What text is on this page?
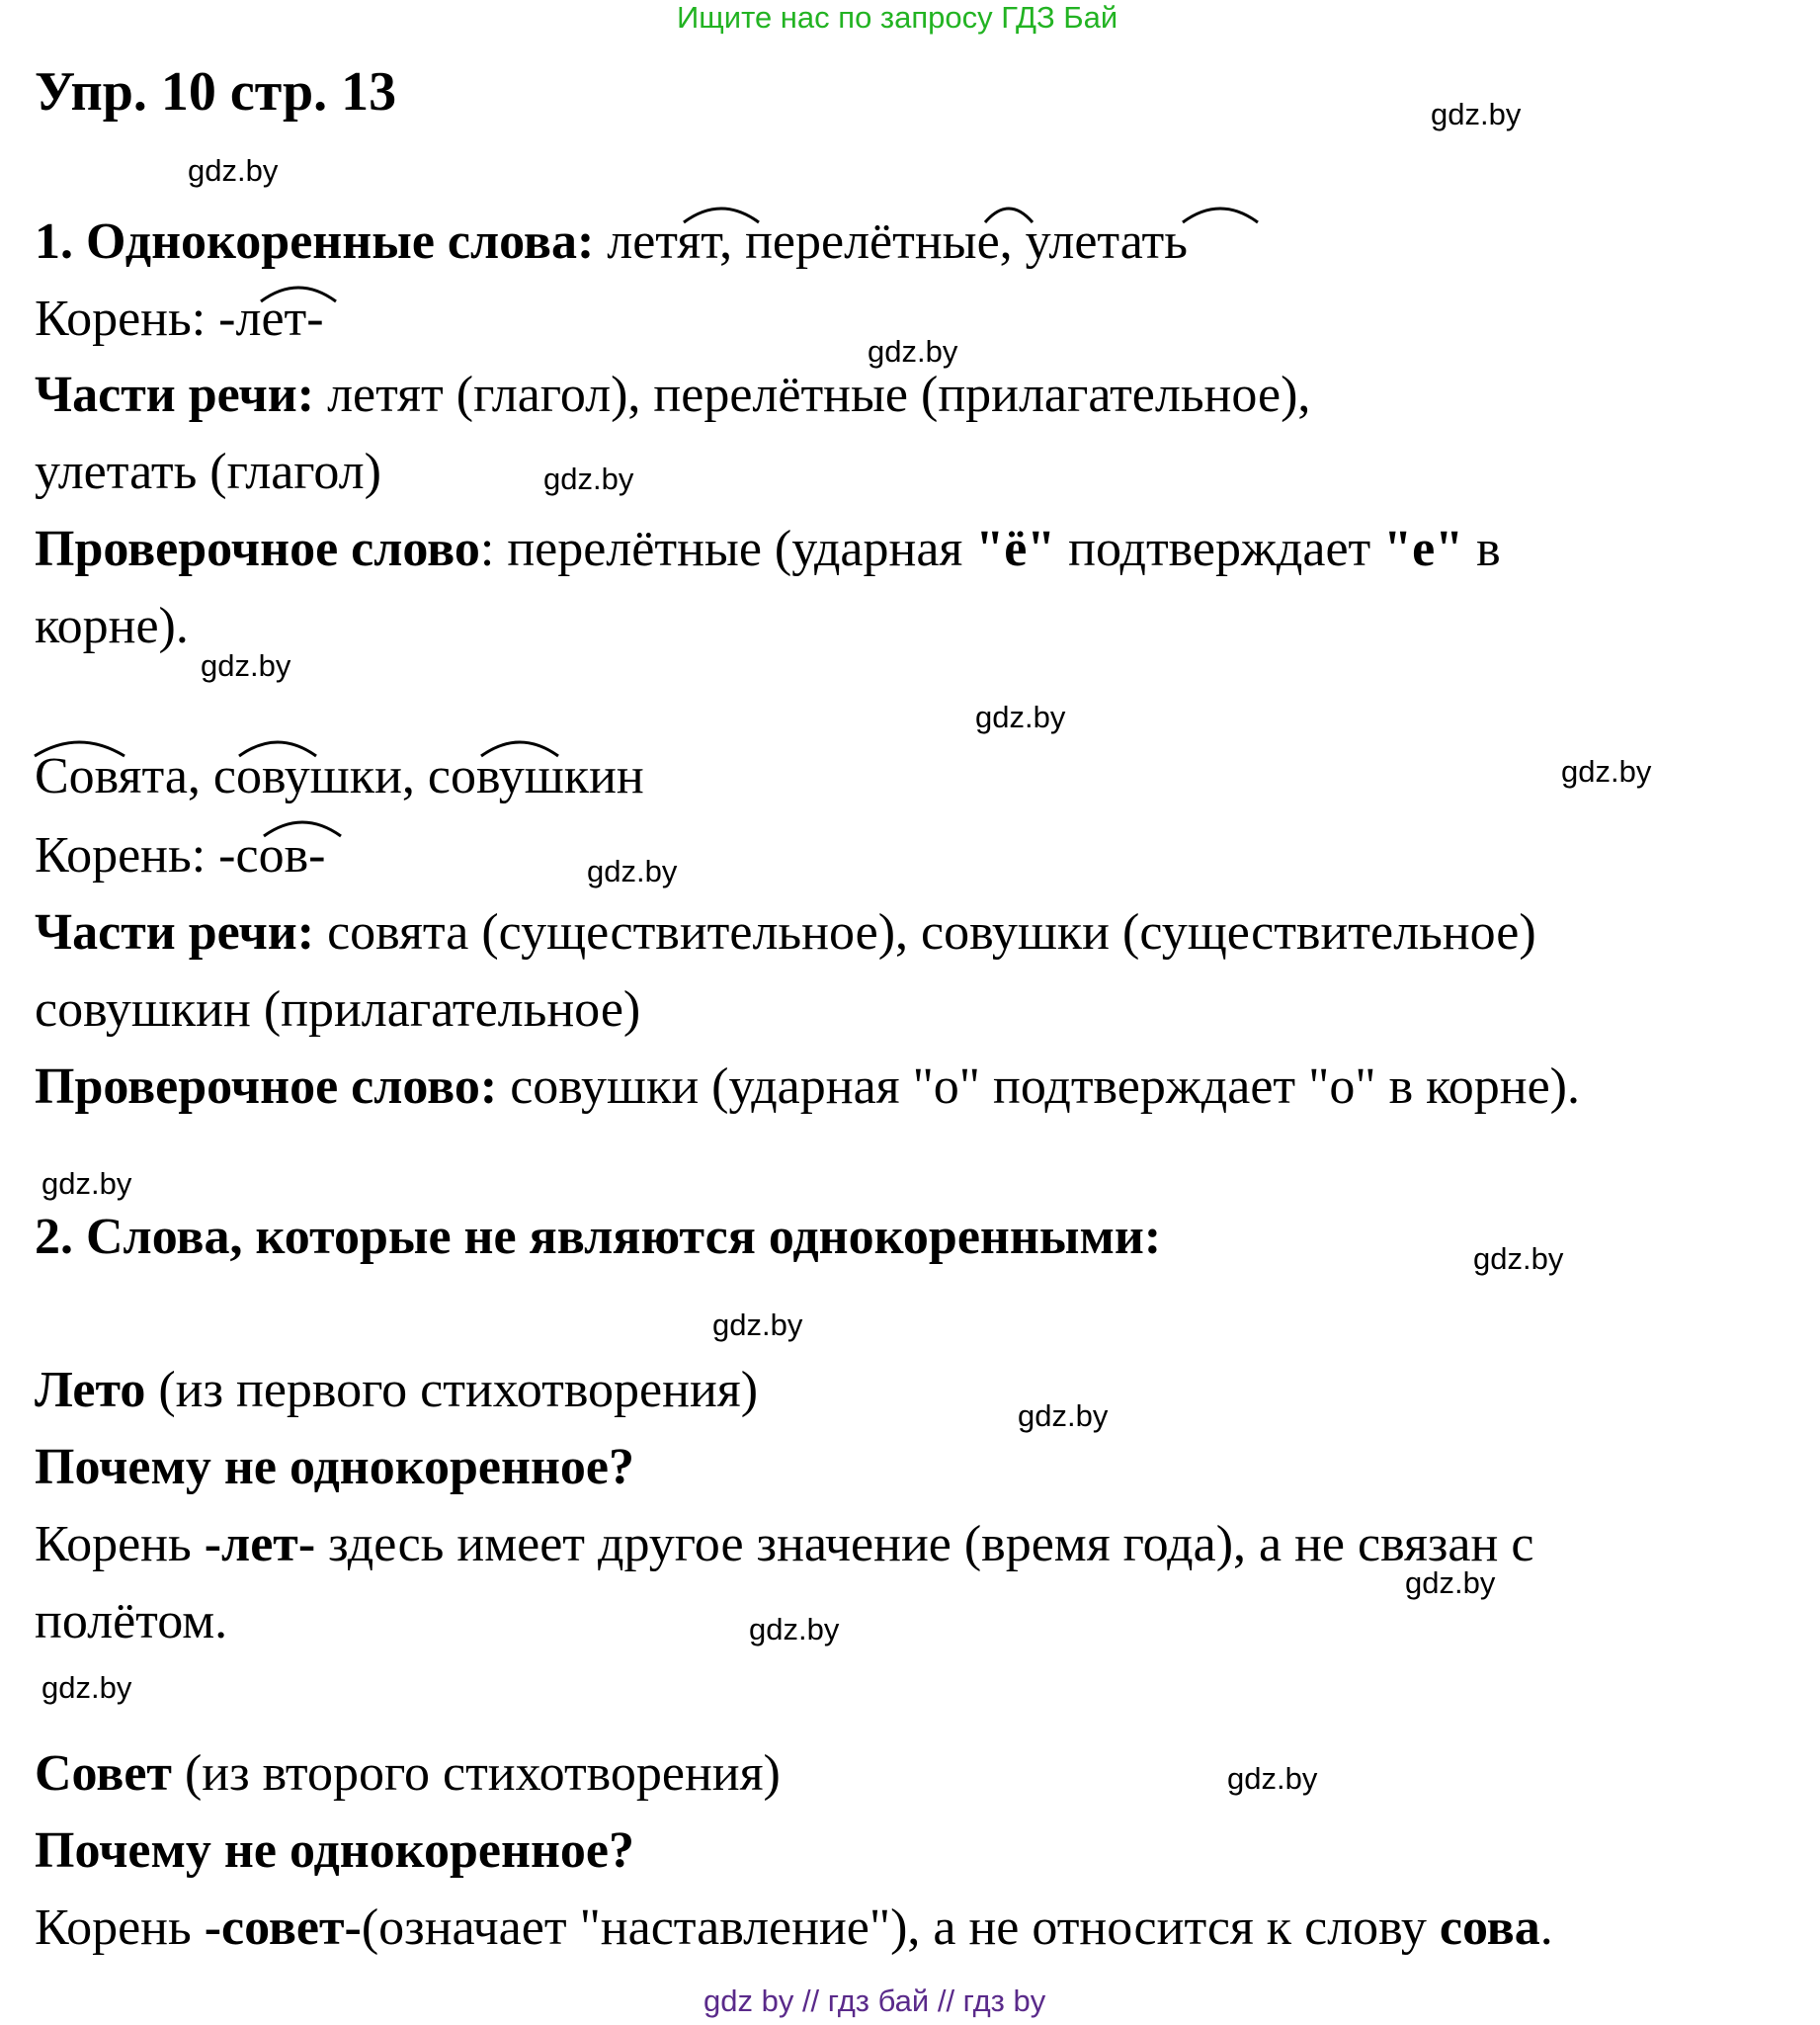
Ищите нас по запросу ГДЗ Бай
Упр. 10 стр. 13	gdz.by
gdz.by
gdz.by
gdz.by
gdz.by
gdz.by
gdz.by
gdz.by
gdz.by
gdz.by
gdz.by
gdz.by
gdz.by
gdz.by
gdz.by
gdz.by
1. Однокоренные слова: летят, перелётные, улетать
Корень: -лет-
Части речи: летят (глагол), перелётные (прилагательное),
улетать (глагол)
Проверочное слово: перелётные (ударная "ё" подтверждает "е" в
корне).
Совята, совушки, совушкин
Корень: -сов-
Части речи: совята (существительное), совушки (существительное)
совушкин (прилагательное)
Проверочное слово: совушки (ударная "о" подтверждает "о" в корне).
2. Слова, которые не являются однокоренными:
Лето (из первого стихотворения)
Почему не однокоренное?
Корень -лет- здесь имеет другое значение (время года), а не связан с
полётом.
Совет (из второго стихотворения)
Почему не однокоренное?
Корень -совет-(означает "наставление"), а не относится к слову сова.
gdz by // гдз бай // гдз by
